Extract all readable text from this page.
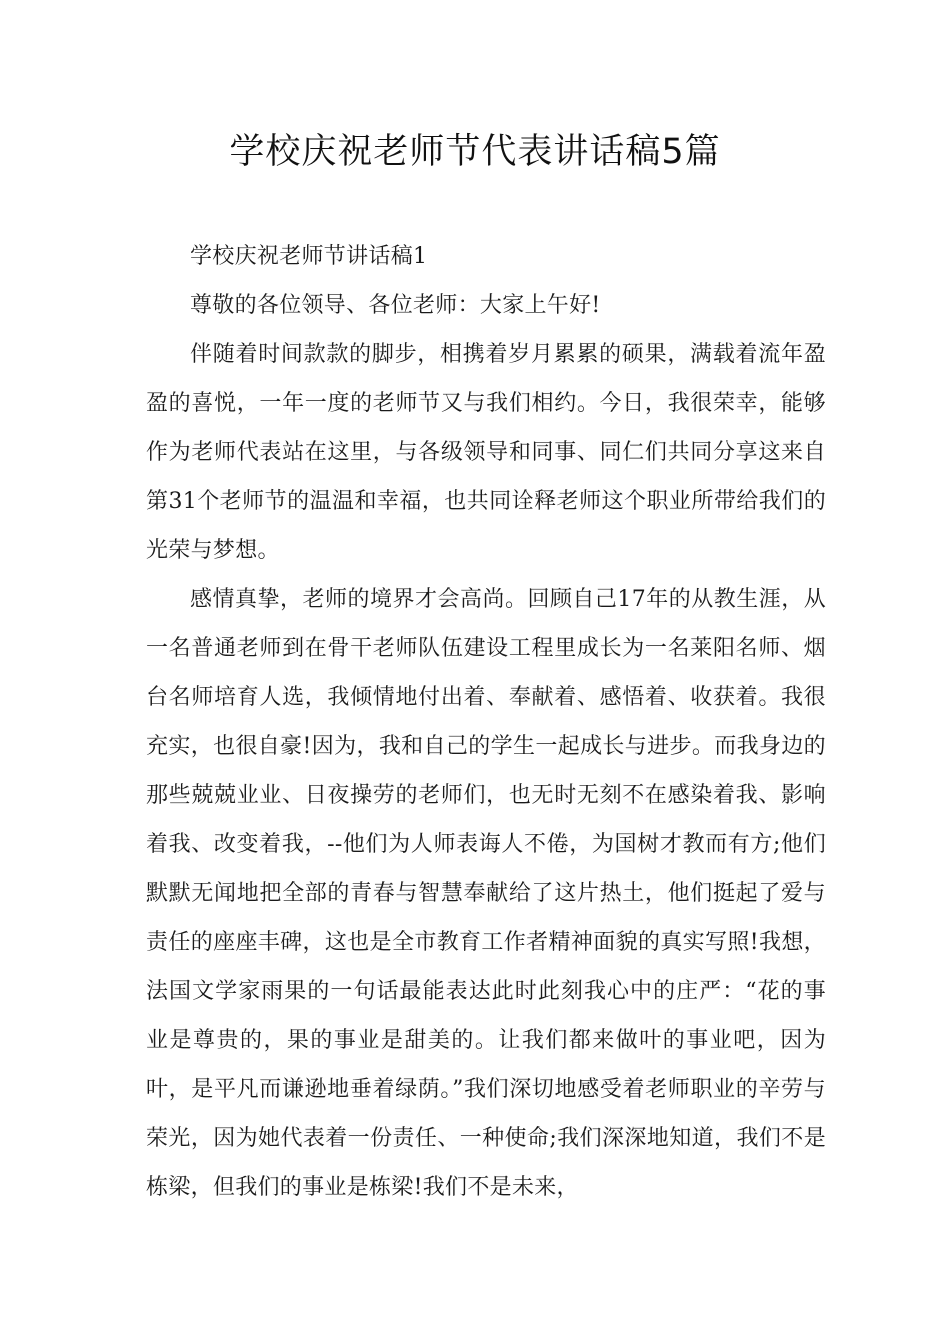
学校庆祝老师节代表讲话稿5篇

学校庆祝老师节讲话稿1

尊敬的各位领导、各位老师：大家上午好!

伴随着时间款款的脚步，相携着岁月累累的硕果，满载着流年盈盈的喜悦，一年一度的老师节又与我们相约。今日，我很荣幸，能够作为老师代表站在这里，与各级领导和同事、同仁们共同分享这来自第31个老师节的温温和幸福，也共同诠释老师这个职业所带给我们的光荣与梦想。

感情真挚，老师的境界才会高尚。回顾自己17年的从教生涯，从一名普通老师到在骨干老师队伍建设工程里成长为一名莱阳名师、烟台名师培育人选，我倾情地付出着、奉献着、感悟着、收获着。我很充实，也很自豪!因为，我和自己的学生一起成长与进步。而我身边的那些兢兢业业、日夜操劳的老师们，也无时无刻不在感染着我、影响着我、改变着我，--他们为人师表诲人不倦，为国树才教而有方;他们默默无闻地把全部的青春与智慧奉献给了这片热土，他们挺起了爱与责任的座座丰碑，这也是全市教育工作者精神面貌的真实写照!我想，法国文学家雨果的一句话最能表达此时此刻我心中的庄严：“花的事业是尊贵的，果的事业是甜美的。让我们都来做叶的事业吧，因为叶，是平凡而谦逊地垂着绿荫。”我们深切地感受着老师职业的辛劳与荣光，因为她代表着一份责任、一种使命;我们深深地知道，我们不是栋梁，但我们的事业是栋梁!我们不是未来，
